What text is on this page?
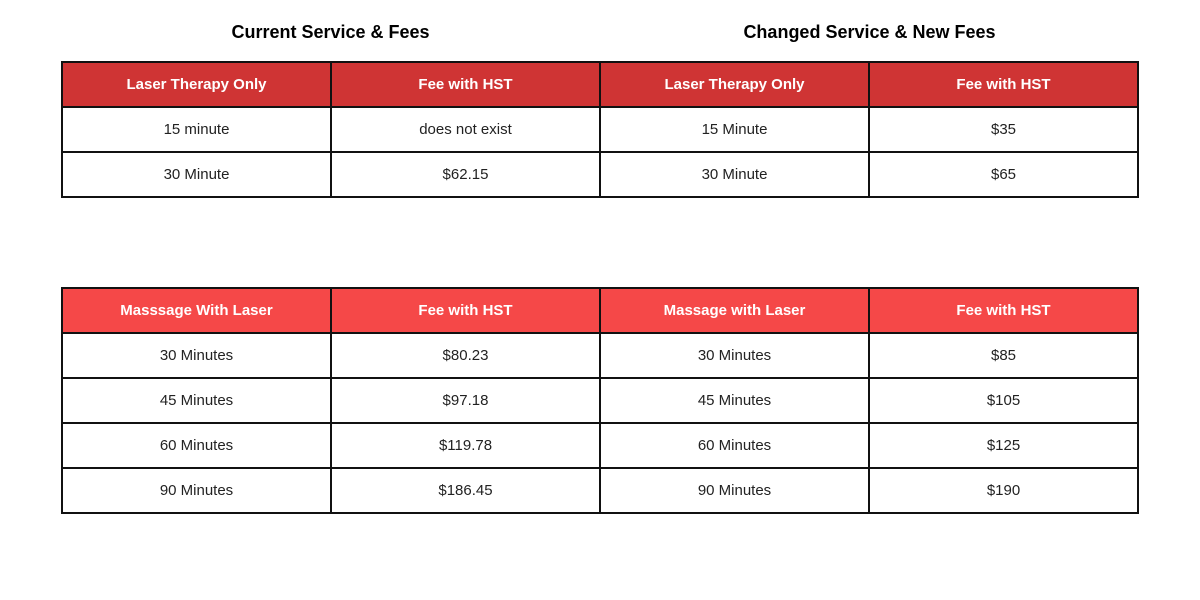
Current Service & Fees	Changed Service & New Fees
Laser Therapy Only	Fee with HST	Laser Therapy Only	Fee with HST
15 minute	does not exist	15 Minute	$35
30 Minute	$62.15	30 Minute	$65
Masssage With Laser	Fee with HST	Massage with Laser	Fee with HST
30 Minutes	$80.23	30 Minutes	$85
45 Minutes	$97.18	45 Minutes	$105
60 Minutes	$119.78	60 Minutes	$125
90 Minutes	$186.45	90 Minutes	$190
